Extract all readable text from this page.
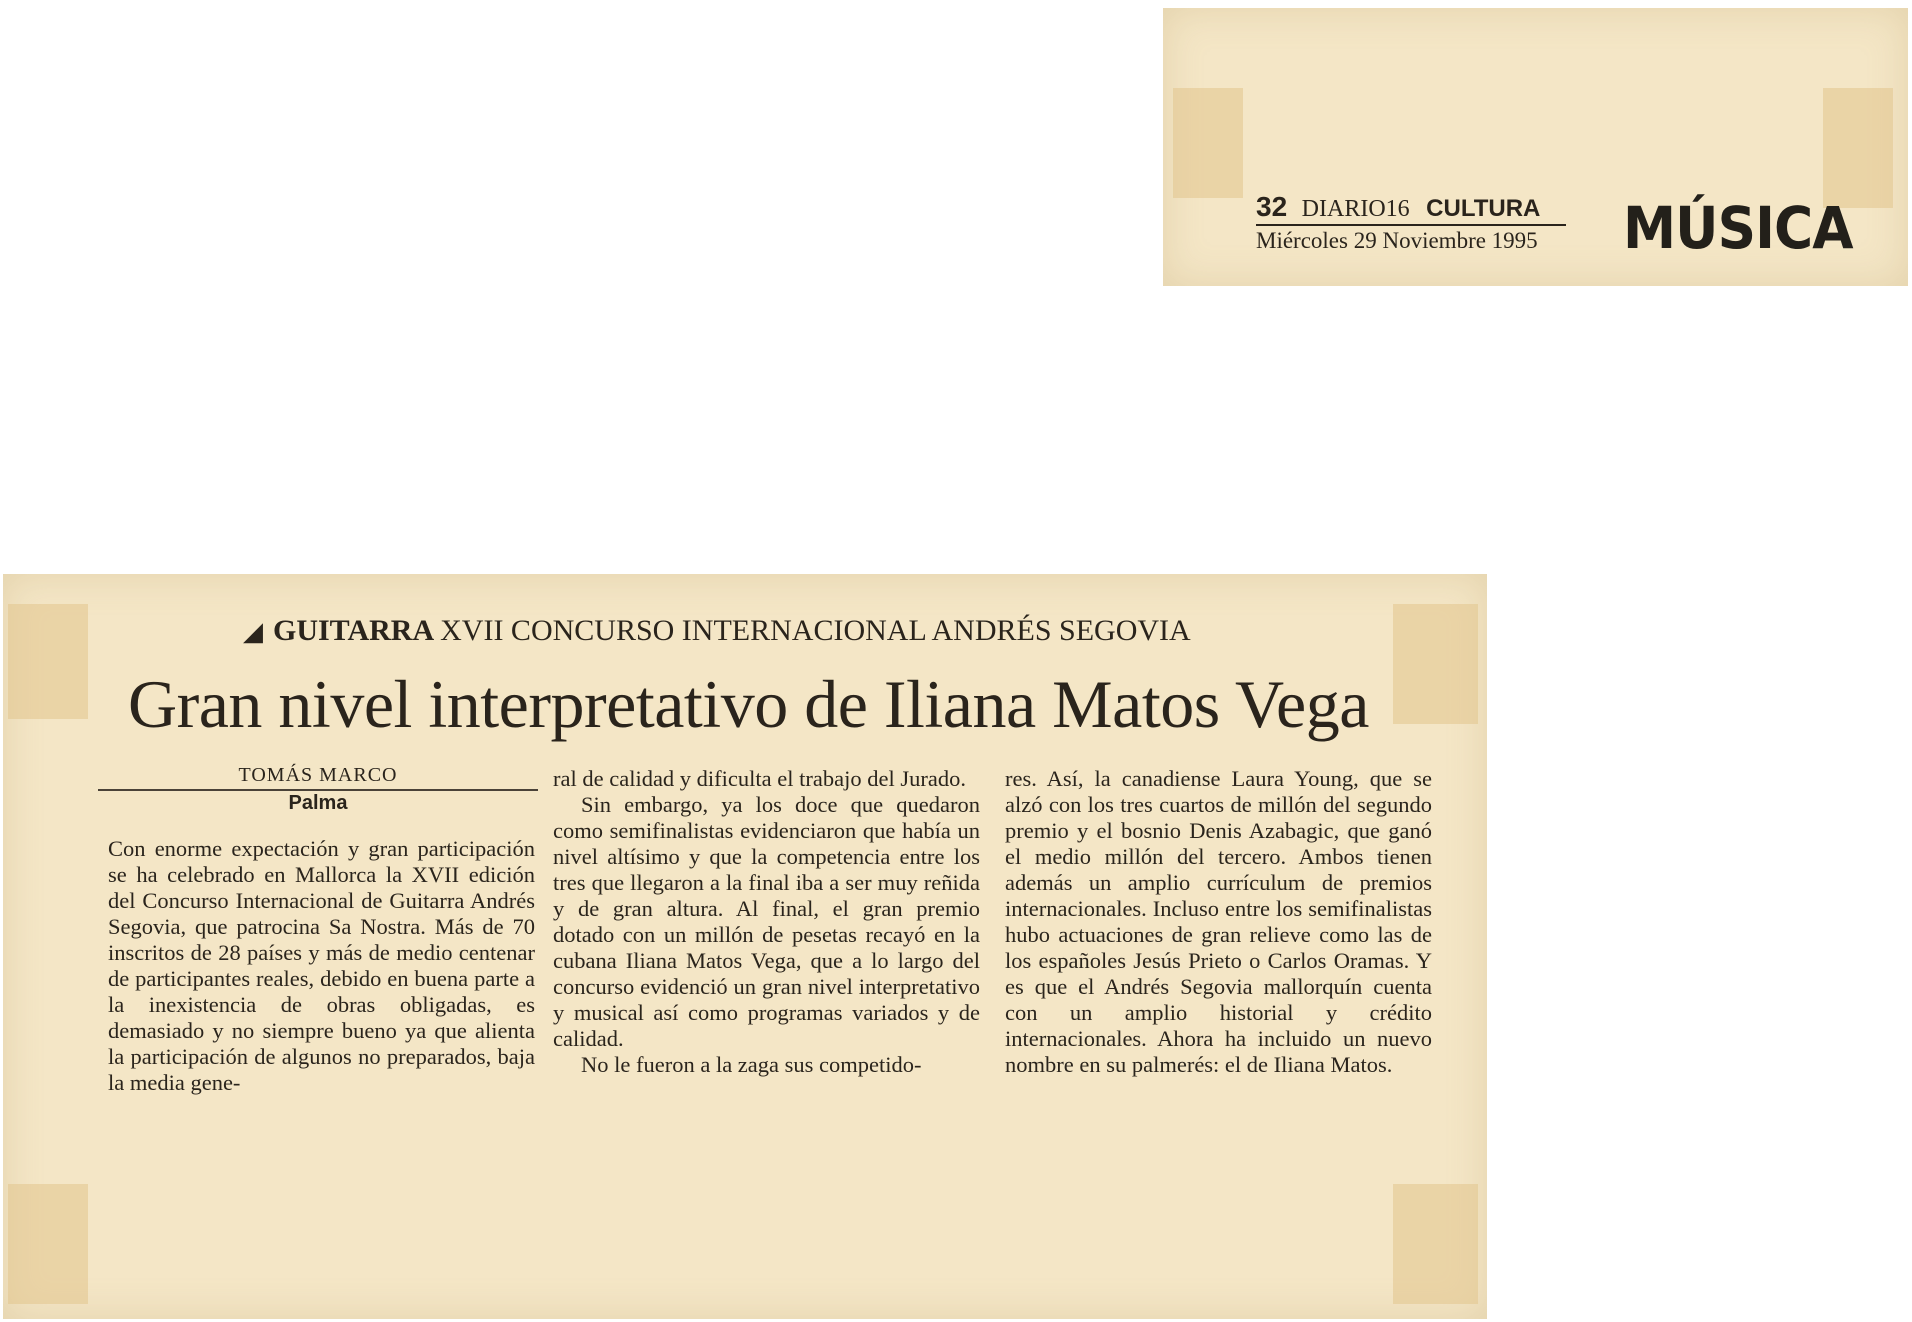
32 DIARIO16 CULTURA
Miércoles 29 Noviembre 1995 MÚSICA
◢ GUITARRA XVII CONCURSO INTERNACIONAL ANDRÉS SEGOVIA
Gran nivel interpretativo de Iliana Matos Vega
TOMÁS MARCO
Palma

Con enorme expectación y gran participación se ha celebrado en Mallorca la XVII edición del Concurso Internacional de Guitarra Andrés Segovia, que patrocina Sa Nostra. Más de 70 inscritos de 28 países y más de medio centenar de participantes reales, debido en buena parte a la inexistencia de obras obligadas, es demasiado y no siempre bueno ya que alienta la participación de algunos no preparados, baja la media gene-

ral de calidad y dificulta el trabajo del Jurado.

Sin embargo, ya los doce que quedaron como semifinalistas evidenciaron que había un nivel altísimo y que la competencia entre los tres que llegaron a la final iba a ser muy reñida y de gran altura. Al final, el gran premio dotado con un millón de pesetas recayó en la cubana Iliana Matos Vega, que a lo largo del concurso evidenció un gran nivel interpretativo y musical así como programas variados y de calidad.

No le fueron a la zaga sus competido-

res. Así, la canadiense Laura Young, que se alzó con los tres cuartos de millón del segundo premio y el bosnio Denis Azabagic, que ganó el medio millón del tercero. Ambos tienen además un amplio currículum de premios internacionales. Incluso entre los semifinalistas hubo actuaciones de gran relieve como las de los españoles Jesús Prieto o Carlos Oramas. Y es que el Andrés Segovia mallorquín cuenta con un amplio historial y crédito internacionales. Ahora ha incluido un nuevo nombre en su palmerés: el de Iliana Matos.
